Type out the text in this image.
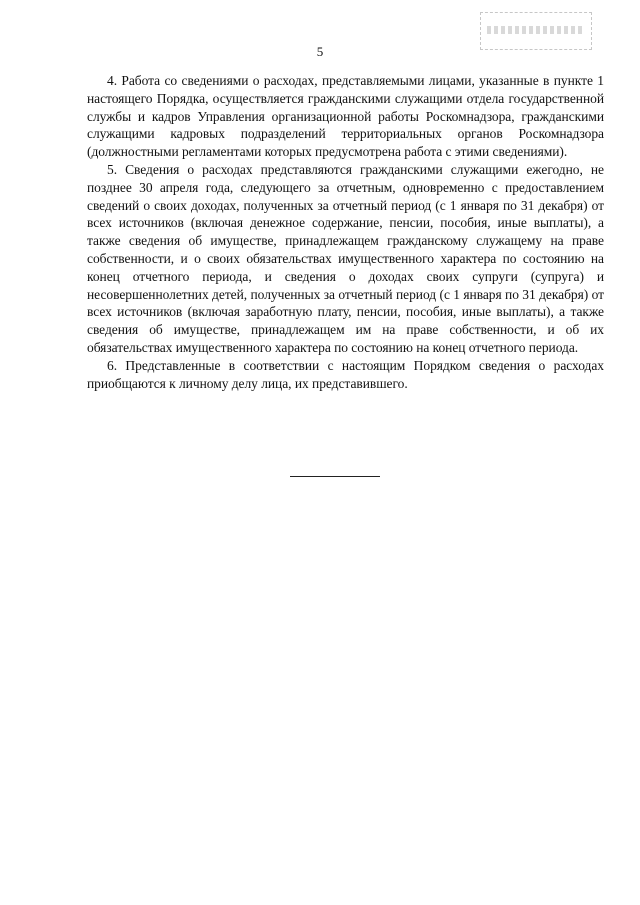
5

4. Работа со сведениями о расходах, представляемыми лицами, указанные в пункте 1 настоящего Порядка, осуществляется гражданскими служащими отдела государственной службы и кадров Управления организационной работы Роскомнадзора, гражданскими служащими кадровых подразделений территориальных органов Роскомнадзора (должностными регламентами которых предусмотрена работа с этими сведениями).

5. Сведения о расходах представляются гражданскими служащими ежегодно, не позднее 30 апреля года, следующего за отчетным, одновременно с предоставлением сведений о своих доходах, полученных за отчетный период (с 1 января по 31 декабря) от всех источников (включая денежное содержание, пенсии, пособия, иные выплаты), а также сведения об имуществе, принадлежащем гражданскому служащему на праве собственности, и о своих обязательствах имущественного характера по состоянию на конец отчетного периода, и сведения о доходах своих супруги (супруга) и несовершеннолетних детей, полученных за отчетный период (с 1 января по 31 декабря) от всех источников (включая заработную плату, пенсии, пособия, иные выплаты), а также сведения об имуществе, принадлежащем им на праве собственности, и об их обязательствах имущественного характера по состоянию на конец отчетного периода.

6. Представленные в соответствии с настоящим Порядком сведения о расходах приобщаются к личному делу лица, их представившего.
